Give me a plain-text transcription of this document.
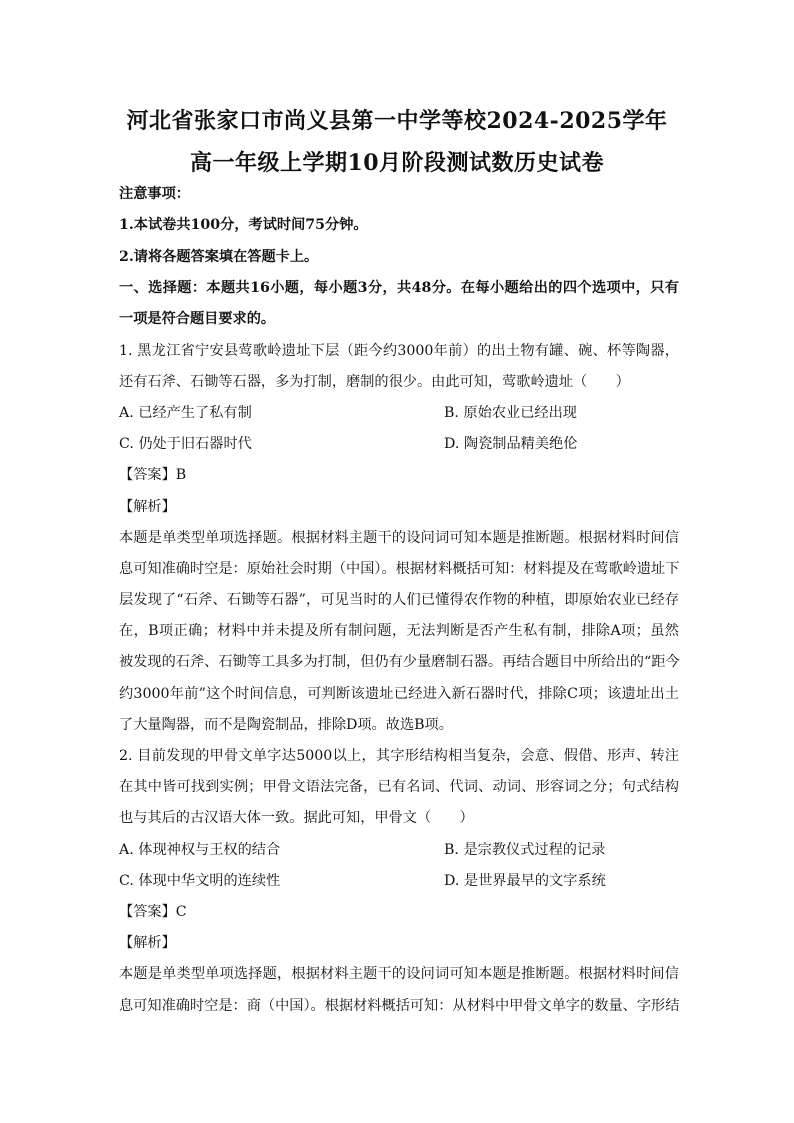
河北省张家口市尚义县第一中学等校2024-2025学年
高一年级上学期10月阶段测试数历史试卷
注意事项：
1.本试卷共100分，考试时间75分钟。
2.请将各题答案填在答题卡上。
一、选择题：本题共16小题，每小题3分，共48分。在每小题给出的四个选项中，只有
一项是符合题目要求的。
1. 黑龙江省宁安县莺歌岭遗址下层（距今约3000年前）的出土物有罐、碗、杯等陶器，
还有石斧、石锄等石器，多为打制，磨制的很少。由此可知，莺歌岭遗址（　　）
A. 已经产生了私有制	B. 原始农业已经出现
C. 仍处于旧石器时代	D. 陶瓷制品精美绝伦
【答案】B
【解析】
本题是单类型单项选择题。根据材料主题干的设问词可知本题是推断题。根据材料时间信
息可知准确时空是：原始社会时期（中国）。根据材料概括可知：材料提及在莺歌岭遗址下
层发现了“石斧、石锄等石器”，可见当时的人们已懂得农作物的种植，即原始农业已经存
在，B项正确；材料中并未提及所有制问题，无法判断是否产生私有制，排除A项；虽然
被发现的石斧、石锄等工具多为打制，但仍有少量磨制石器。再结合题目中所给出的“距今
约3000年前”这个时间信息，可判断该遗址已经进入新石器时代，排除C项；该遗址出土
了大量陶器，而不是陶瓷制品，排除D项。故选B项。
2. 目前发现的甲骨文单字达5000以上，其字形结构相当复杂，会意、假借、形声、转注
在其中皆可找到实例；甲骨文语法完备，已有名词、代词、动词、形容词之分；句式结构
也与其后的古汉语大体一致。据此可知，甲骨文（　　）
A. 体现神权与王权的结合	B. 是宗教仪式过程的记录
C. 体现中华文明的连续性	D. 是世界最早的文字系统
【答案】C
【解析】
本题是单类型单项选择题，根据材料主题干的设问词可知本题是推断题。根据材料时间信
息可知准确时空是：商（中国）。根据材料概括可知：从材料中甲骨文单字的数量、字形结
